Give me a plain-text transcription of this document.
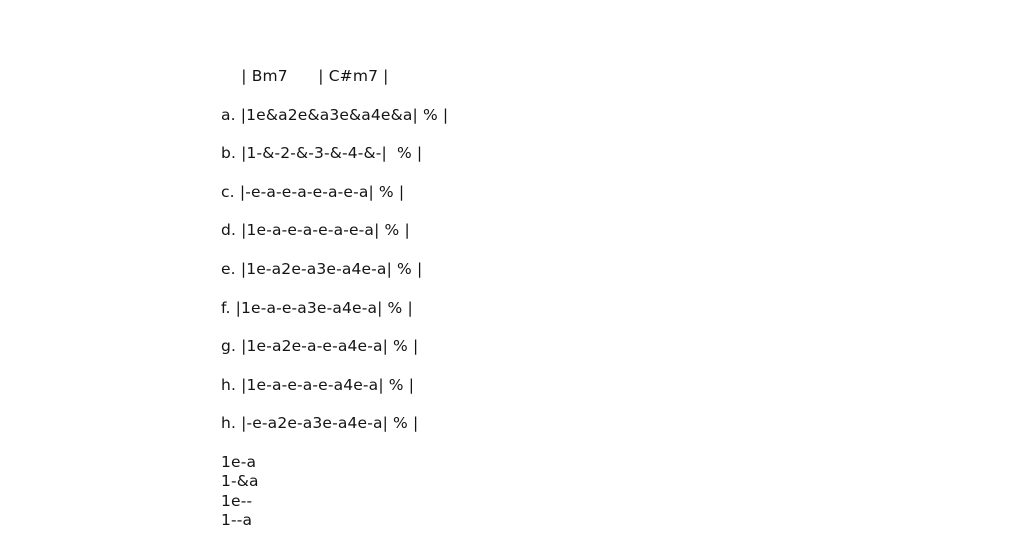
| Bm7      | C#m7 |
a. |1e&a2e&a3e&a4e&a| % |
b. |1-&-2-&-3-&-4-&-|  % |
c. |-e-a-e-a-e-a-e-a| % |
d. |1e-a-e-a-e-a-e-a| % |
e. |1e-a2e-a3e-a4e-a| % |
f. |1e-a-e-a3e-a4e-a| % |
g. |1e-a2e-a-e-a4e-a| % |
h. |1e-a-e-a-e-a4e-a| % |
h. |-e-a2e-a3e-a4e-a| % |
1e-a
1-&a
1e--
1--a
